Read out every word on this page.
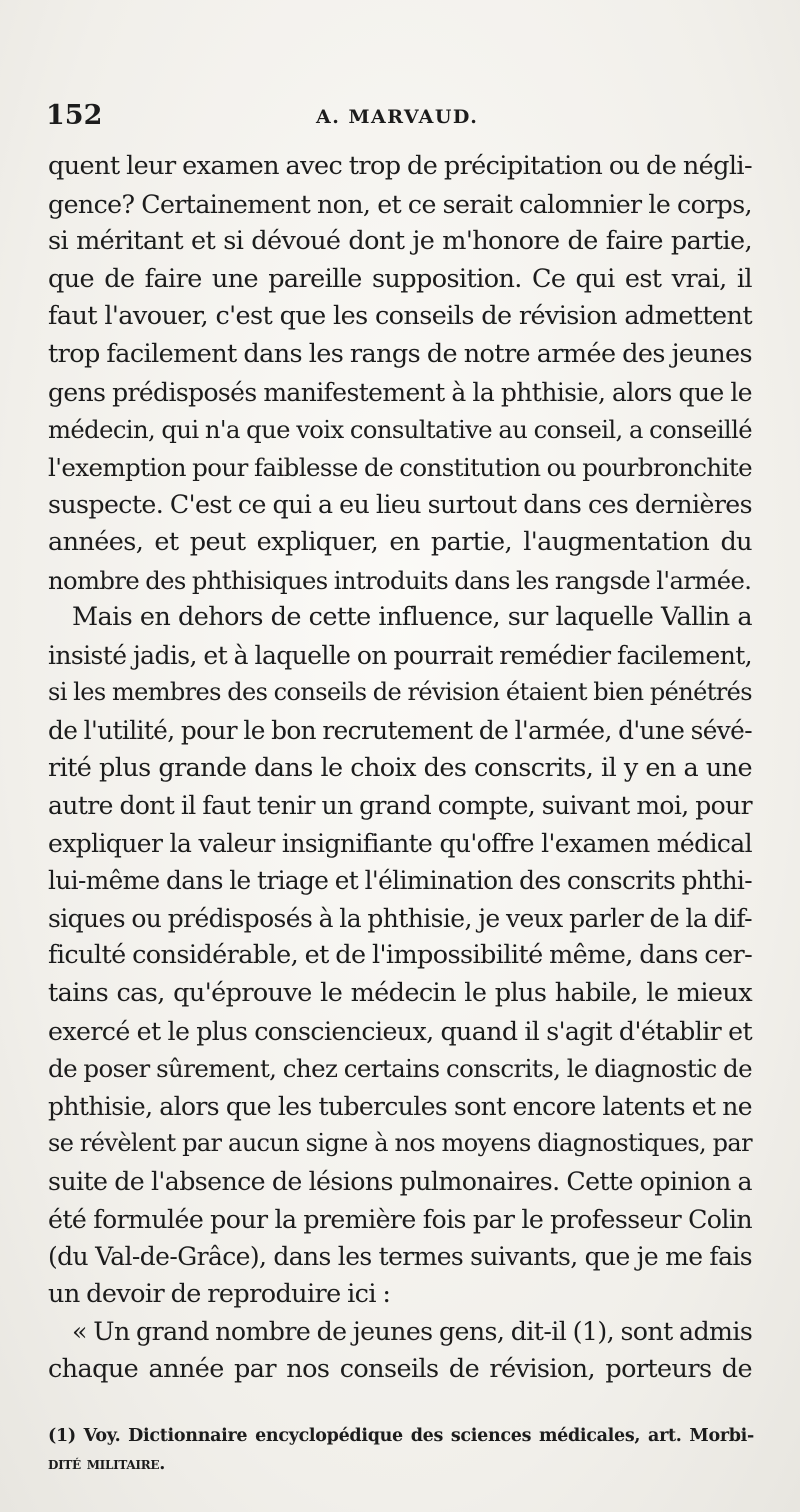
152	A. MARVAUD.
quent leur examen avec trop de précipitation ou de négli-
gence? Certainement non, et ce serait calomnier le corps,
si méritant et si dévoué dont je m'honore de faire partie,
que de faire une pareille supposition. Ce qui est vrai, il
faut l'avouer, c'est que les conseils de révision admettent
trop facilement dans les rangs de notre armée des jeunes
gens prédisposés manifestement à la phthisie, alors que le
médecin, qui n'a que voix consultative au conseil, a conseillé
l'exemption pour faiblesse de constitution ou pourbronchite
suspecte. C'est ce qui a eu lieu surtout dans ces dernières
années, et peut expliquer, en partie, l'augmentation du
nombre des phthisiques introduits dans les rangsde l'armée.
Mais en dehors de cette influence, sur laquelle Vallin a
insisté jadis, et à laquelle on pourrait remédier facilement,
si les membres des conseils de révision étaient bien pénétrés
de l'utilité, pour le bon recrutement de l'armée, d'une sévé-
rité plus grande dans le choix des conscrits, il y en a une
autre dont il faut tenir un grand compte, suivant moi, pour
expliquer la valeur insignifiante qu'offre l'examen médical
lui-même dans le triage et l'élimination des conscrits phthi-
siques ou prédisposés à la phthisie, je veux parler de la dif-
ficulté considérable, et de l'impossibilité même, dans cer-
tains cas, qu'éprouve le médecin le plus habile, le mieux
exercé et le plus consciencieux, quand il s'agit d'établir et
de poser sûrement, chez certains conscrits, le diagnostic de
phthisie, alors que les tubercules sont encore latents et ne
se révèlent par aucun signe à nos moyens diagnostiques, par
suite de l'absence de lésions pulmonaires. Cette opinion a
été formulée pour la première fois par le professeur Colin
(du Val-de-Grâce), dans les termes suivants, que je me fais
un devoir de reproduire ici :
« Un grand nombre de jeunes gens, dit-il (1), sont admis
chaque année par nos conseils de révision, porteurs de
(1) Voy. Dictionnaire encyclopédique des sciences médicales, art. Morbi-
dité militaire.
